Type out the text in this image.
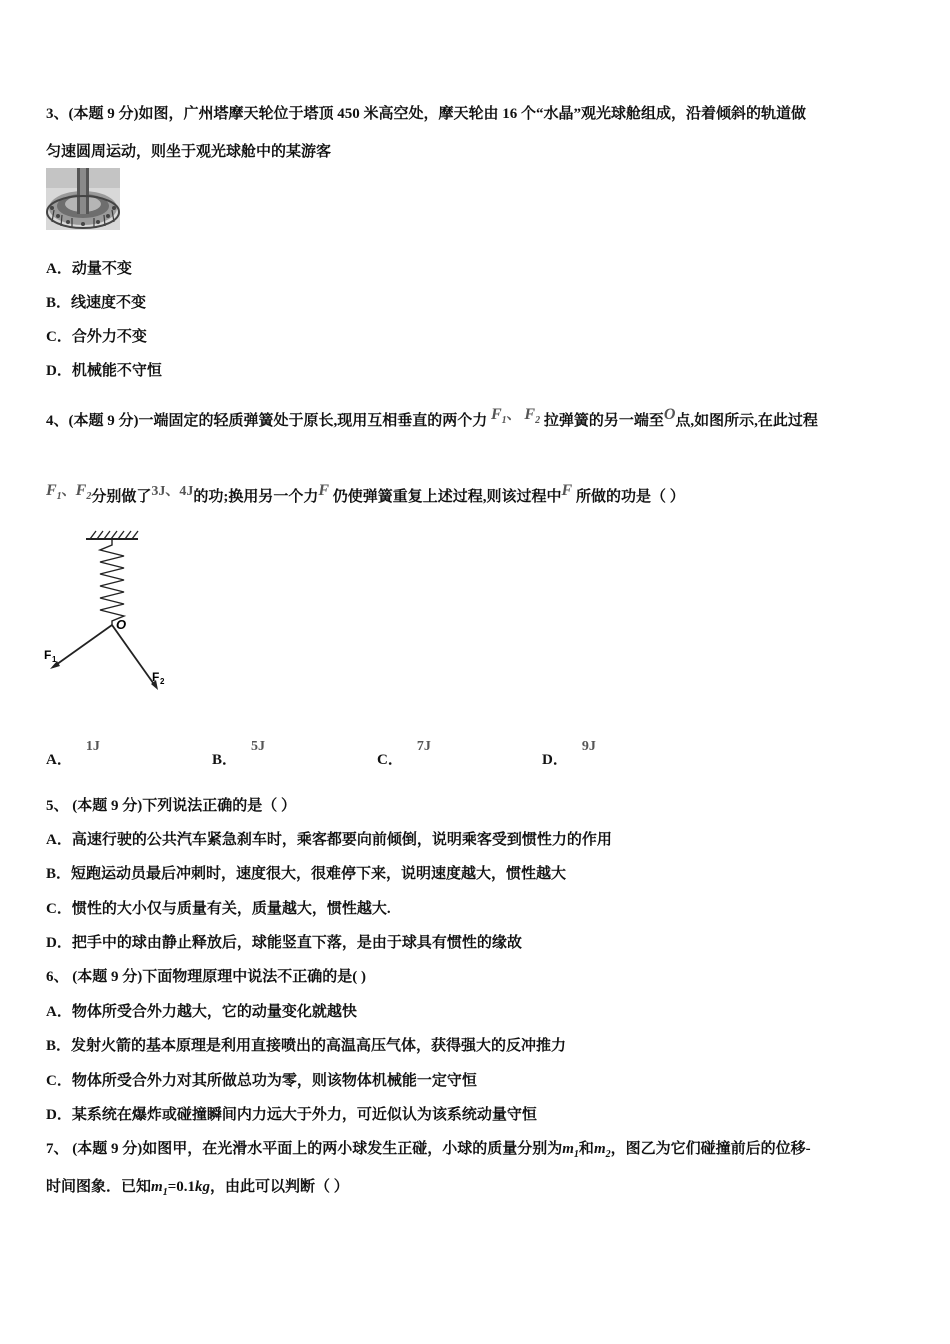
3、(本题 9 分)如图，广州塔摩天轮位于塔顶 450 米高空处，摩天轮由 16 个“水晶”观光球舱组成，沿着倾斜的轨道做
匀速圆周运动，则坐于观光球舱中的某游客
A．动量不变
B．线速度不变
C．合外力不变
D．机械能不守恒
4、(本题 9 分)一端固定的轻质弹簧处于原长,现用互相垂直的两个力 $F_1$、 $F_2$ 拉弹簧的另一端至O点,如图所示,在此过程
$F_1$、$F_2$分别做了3J、4J的功;换用另一个力F 仍使弹簧重复上述过程,则该过程中F 所做的功是（ ）
O
F 1
F 2
A．1J
B．5J
C．7J
D．9J
5、 (本题 9 分)下列说法正确的是（ ）
A．高速行驶的公共汽车紧急刹车时，乘客都要向前倾倒，说明乘客受到惯性力的作用
B．短跑运动员最后冲刺时，速度很大，很难停下来，说明速度越大，惯性越大
C．惯性的大小仅与质量有关，质量越大，惯性越大.
D．把手中的球由静止释放后，球能竖直下落，是由于球具有惯性的缘故
6、 (本题 9 分)下面物理原理中说法不正确的是( )
A．物体所受合外力越大，它的动量变化就越快
B．发射火箭的基本原理是利用直接喷出的高温高压气体，获得强大的反冲推力
C．物体所受合外力对其所做总功为零，则该物体机械能一定守恒
D．某系统在爆炸或碰撞瞬间内力远大于外力，可近似认为该系统动量守恒
7、 (本题 9 分)如图甲，在光滑水平面上的两小球发生正碰，小球的质量分别为$m_1$和$m_2$，图乙为它们碰撞前后的位移-
时间图象．已知$m_1=0.1kg$，由此可以判断（ ）
